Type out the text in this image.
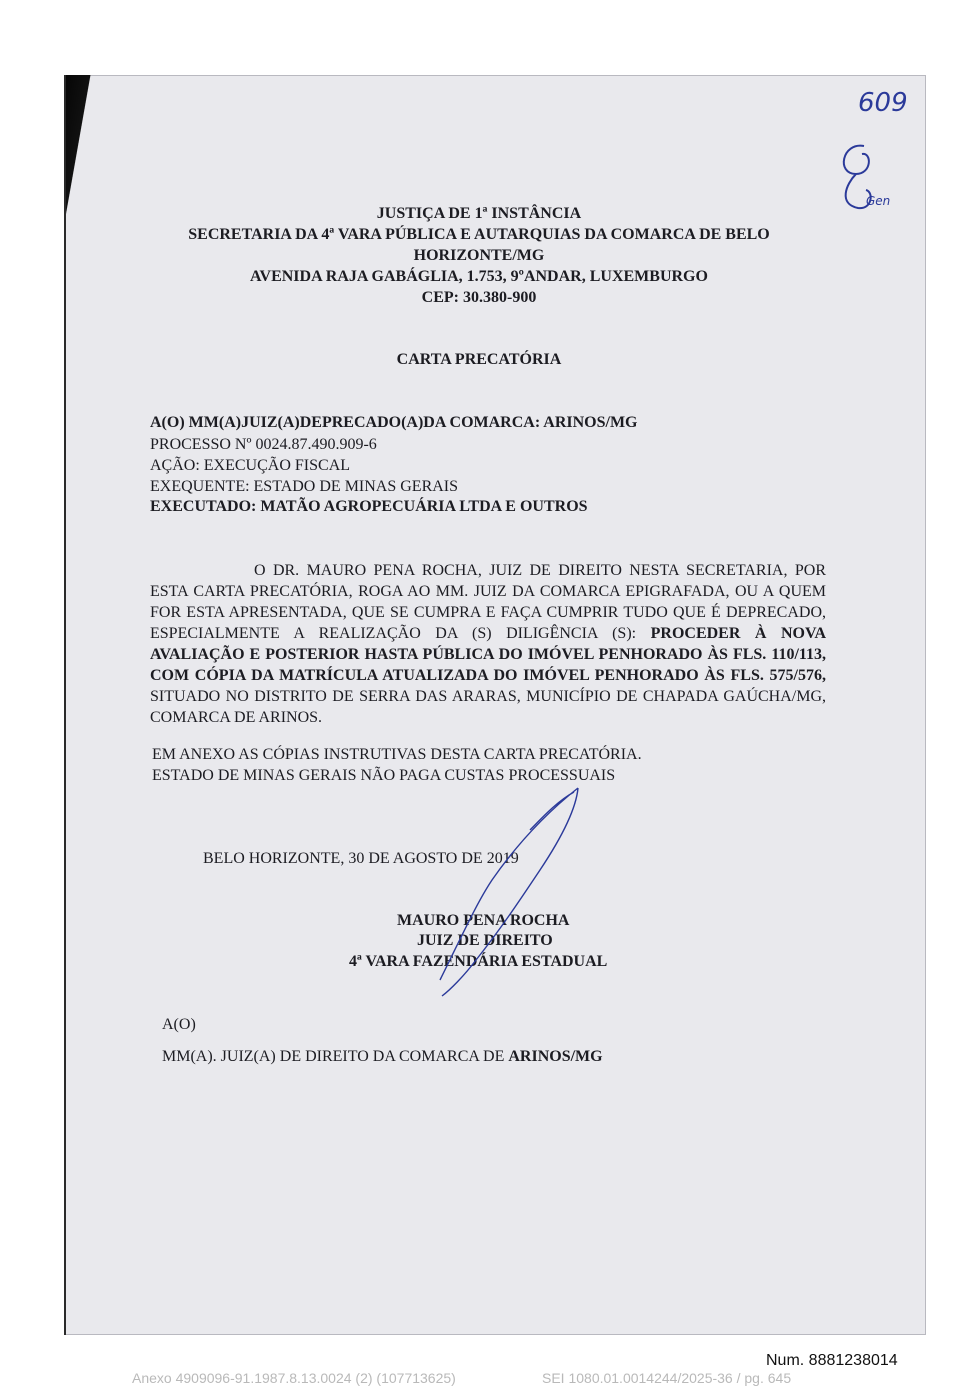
609
Gen
JUSTIÇA DE 1ª INSTÂNCIA
SECRETARIA DA 4ª VARA PÚBLICA E AUTARQUIAS DA COMARCA DE BELO
HORIZONTE/MG
AVENIDA RAJA GABÁGLIA, 1.753, 9ºANDAR, LUXEMBURGO
CEP: 30.380-900
CARTA PRECATÓRIA
A(O) MM(A)JUIZ(A)DEPRECADO(A)DA COMARCA: ARINOS/MG
PROCESSO Nº 0024.87.490.909-6
AÇÃO: EXECUÇÃO FISCAL
EXEQUENTE: ESTADO DE MINAS GERAIS
EXECUTADO: MATÃO AGROPECUÁRIA LTDA E OUTROS

O DR. MAURO PENA ROCHA, JUIZ DE DIREITO NESTA SECRETARIA, POR ESTA CARTA PRECATÓRIA, ROGA AO MM. JUIZ DA COMARCA EPIGRAFADA, OU A QUEM FOR ESTA APRESENTADA, QUE SE CUMPRA E FAÇA CUMPRIR TUDO QUE É DEPRECADO, ESPECIALMENTE A REALIZAÇÃO DA (S) DILIGÊNCIA (S): PROCEDER À NOVA AVALIAÇÃO E POSTERIOR HASTA PÚBLICA DO IMÓVEL PENHORADO ÀS FLS. 110/113, COM CÓPIA DA MATRÍCULA ATUALIZADA DO IMÓVEL PENHORADO ÀS FLS. 575/576, SITUADO NO DISTRITO DE SERRA DAS ARARAS, MUNICÍPIO DE CHAPADA GAÚCHA/MG, COMARCA DE ARINOS.

EM ANEXO AS CÓPIAS INSTRUTIVAS DESTA CARTA PRECATÓRIA.
ESTADO DE MINAS GERAIS NÃO PAGA CUSTAS PROCESSUAIS
BELO HORIZONTE, 30 DE AGOSTO DE 2019
MAURO PENA ROCHA
JUIZ DE DIREITO
4ª VARA FAZENDÁRIA ESTADUAL
A(O)
MM(A). JUIZ(A) DE DIREITO DA COMARCA DE ARINOS/MG
Num. 8881238014
Anexo 4909096-91.1987.8.13.0024 (2) (107713625)	SEI 1080.01.0014244/2025-36 / pg. 645
